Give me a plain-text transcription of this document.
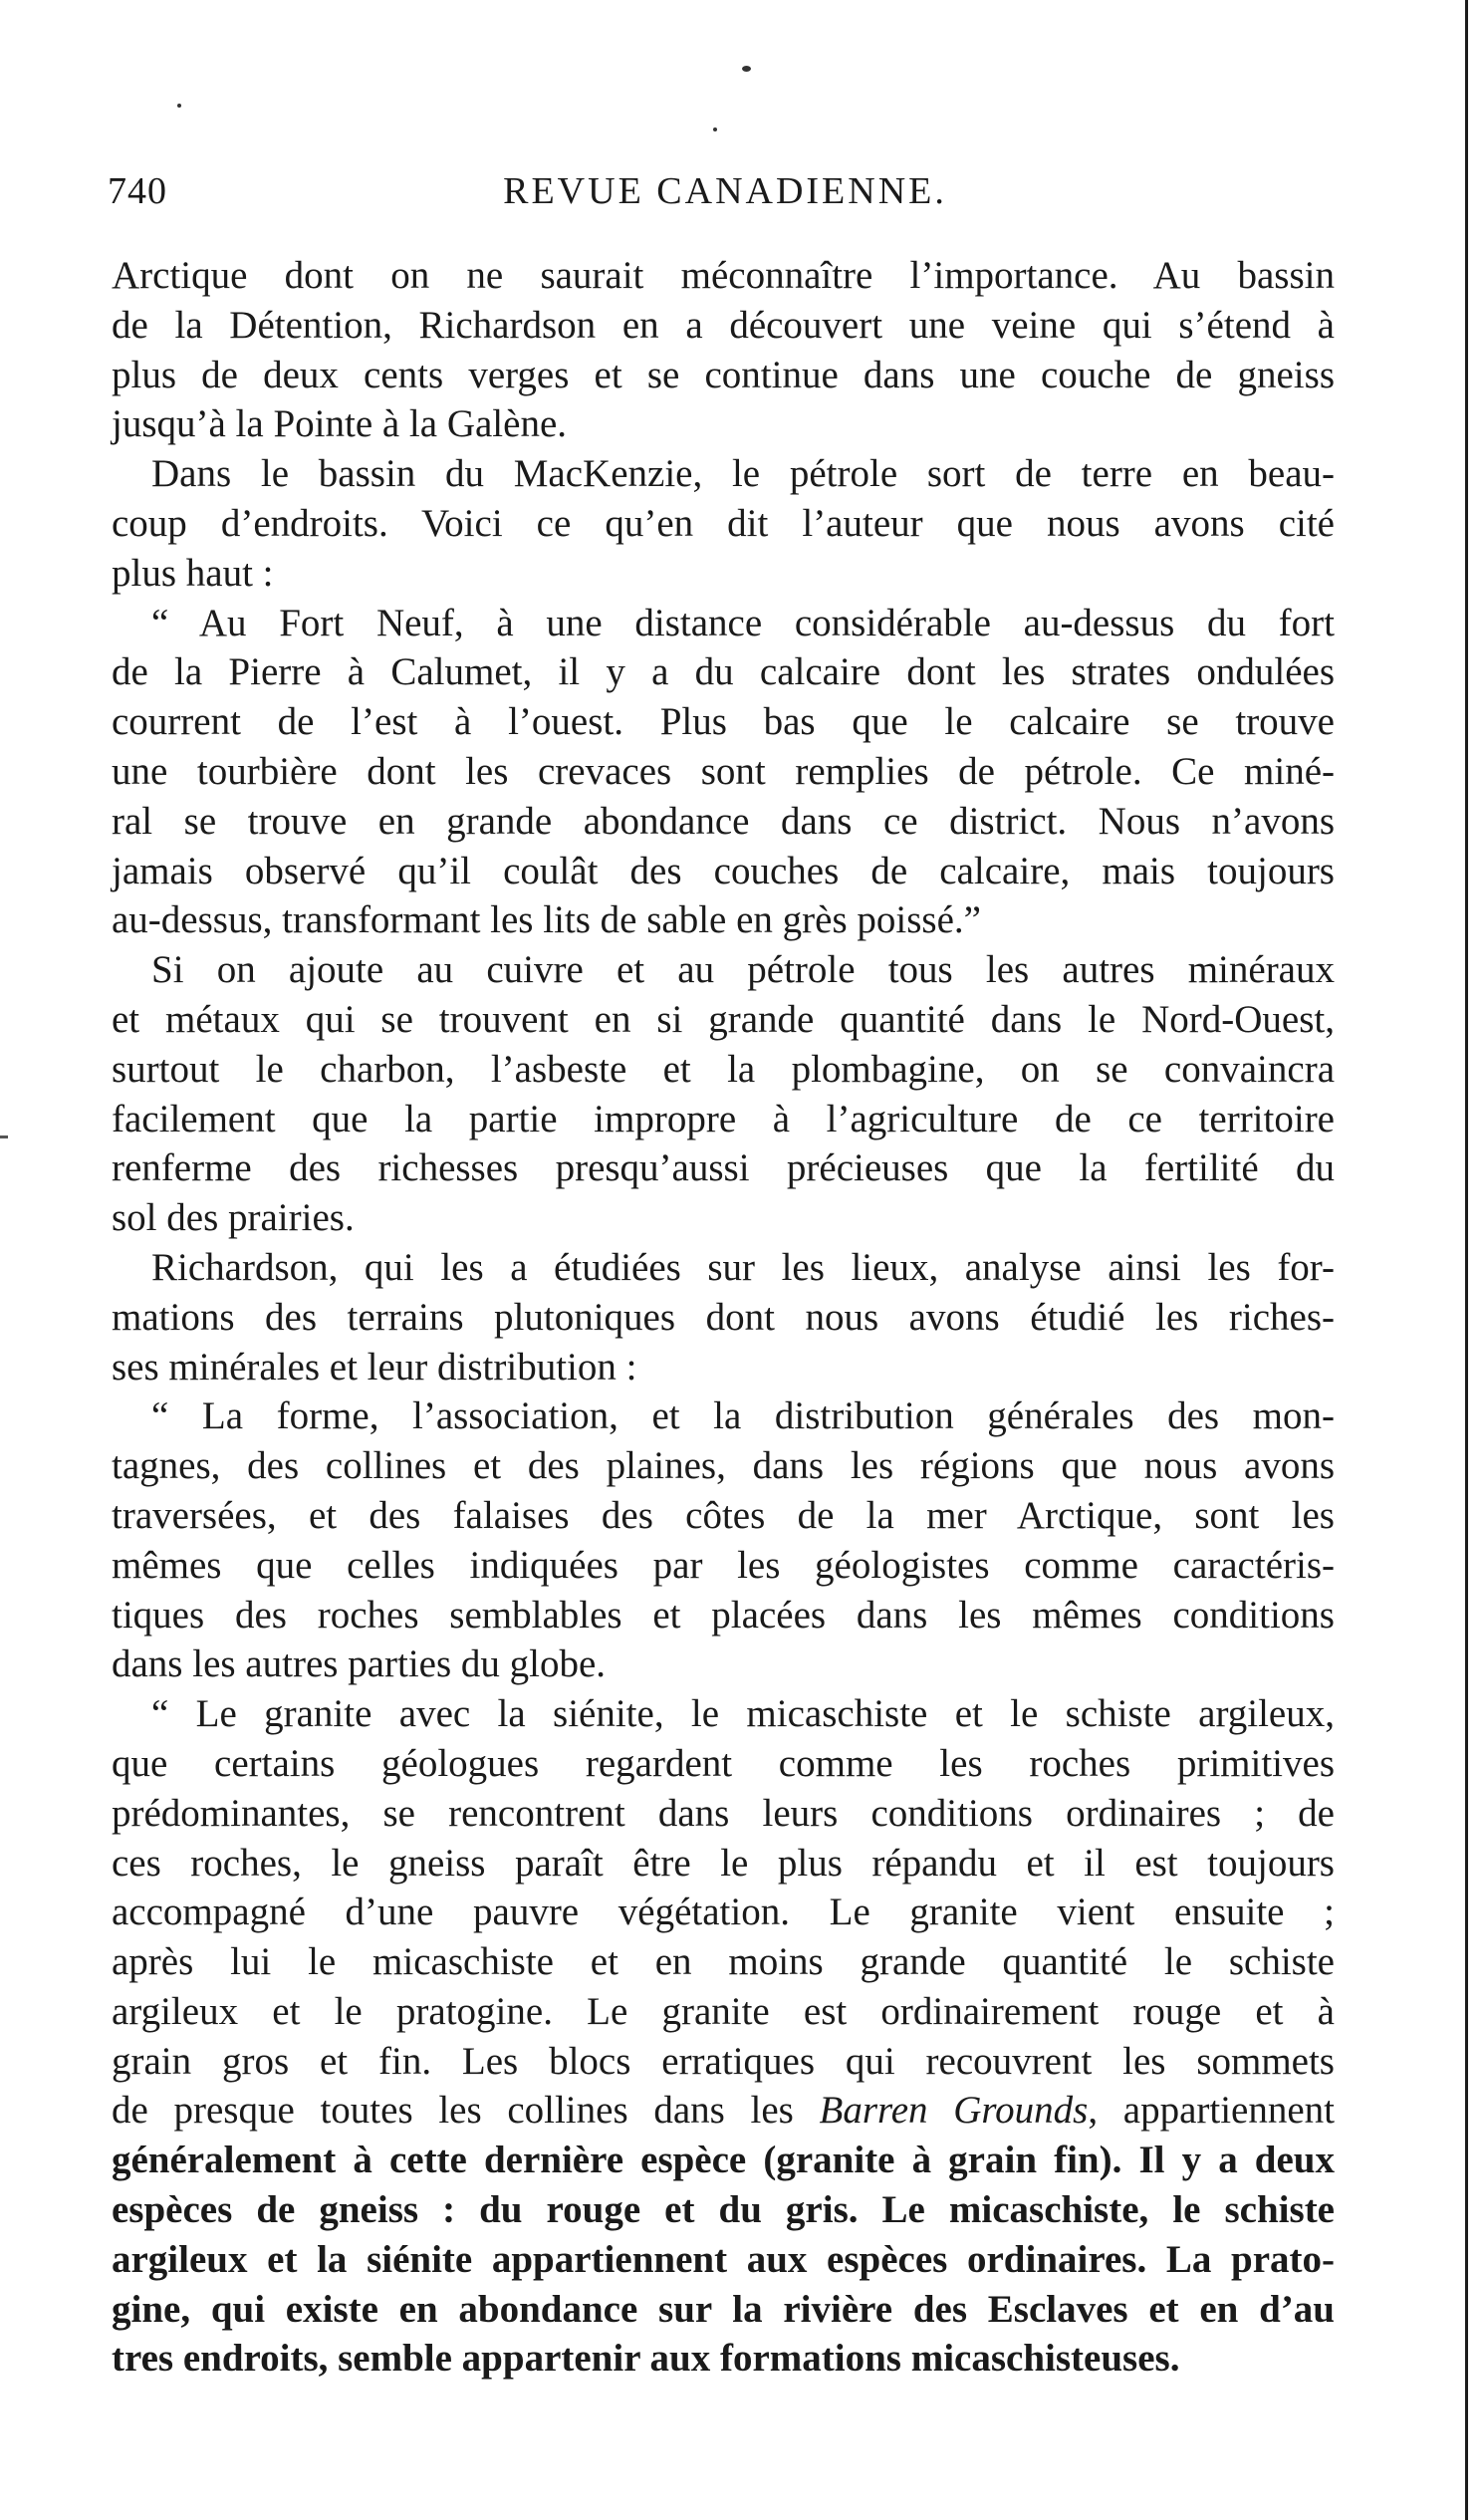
740	REVUE CANADIENNE.
Arctique dont on ne saurait méconnaître l’importance. Au bassin
de la Détention, Richardson en a découvert une veine qui s’étend à
plus de deux cents verges et se continue dans une couche de gneiss
jusqu’à la Pointe à la Galène.
Dans le bassin du MacKenzie, le pétrole sort de terre en beau-
coup d’endroits. Voici ce qu’en dit l’auteur que nous avons cité
plus haut :
“ Au Fort Neuf, à une distance considérable au-dessus du fort
de la Pierre à Calumet, il y a du calcaire dont les strates ondulées
courrent de l’est à l’ouest. Plus bas que le calcaire se trouve
une tourbière dont les crevaces sont remplies de pétrole. Ce miné-
ral se trouve en grande abondance dans ce district. Nous n’avons
jamais observé qu’il coulât des couches de calcaire, mais toujours
au-dessus, transformant les lits de sable en grès poissé.”
Si on ajoute au cuivre et au pétrole tous les autres minéraux
et métaux qui se trouvent en si grande quantité dans le Nord-Ouest,
surtout le charbon, l’asbeste et la plombagine, on se convaincra
facilement que la partie impropre à l’agriculture de ce territoire
renferme des richesses presqu’aussi précieuses que la fertilité du
sol des prairies.
Richardson, qui les a étudiées sur les lieux, analyse ainsi les for-
mations des terrains plutoniques dont nous avons étudié les riches-
ses minérales et leur distribution :
“ La forme, l’association, et la distribution générales des mon-
tagnes, des collines et des plaines, dans les régions que nous avons
traversées, et des falaises des côtes de la mer Arctique, sont les
mêmes que celles indiquées par les géologistes comme caractéris-
tiques des roches semblables et placées dans les mêmes conditions
dans les autres parties du globe.
“ Le granite avec la siénite, le micaschiste et le schiste argileux,
que certains géologues regardent comme les roches primitives
prédominantes, se rencontrent dans leurs conditions ordinaires ; de
ces roches, le gneiss paraît être le plus répandu et il est toujours
accompagné d’une pauvre végétation. Le granite vient ensuite ;
après lui le micaschiste et en moins grande quantité le schiste
argileux et le pratogine. Le granite est ordinairement rouge et à
grain gros et fin. Les blocs erratiques qui recouvrent les sommets
de presque toutes les collines dans les Barren Grounds, appartiennent
généralement à cette dernière espèce (granite à grain fin). Il y a deux
espèces de gneiss : du rouge et du gris. Le micaschiste, le schiste
argileux et la siénite appartiennent aux espèces ordinaires. La prato-
gine, qui existe en abondance sur la rivière des Esclaves et en d’au
tres endroits, semble appartenir aux formations micaschisteuses.
